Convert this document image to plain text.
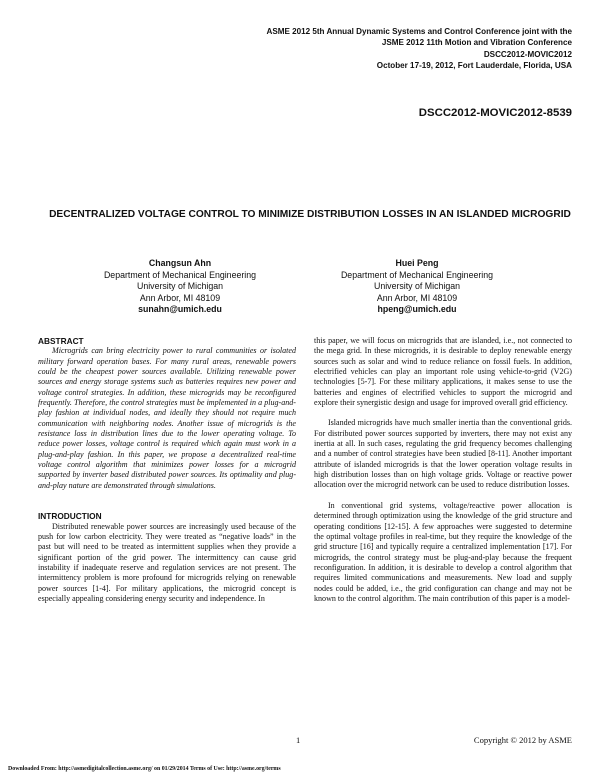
ASME 2012 5th Annual Dynamic Systems and Control Conference joint with the
JSME 2012 11th Motion and Vibration Conference
DSCC2012-MOVIC2012
October 17-19, 2012, Fort Lauderdale, Florida, USA
DSCC2012-MOVIC2012-8539
DECENTRALIZED VOLTAGE CONTROL TO MINIMIZE DISTRIBUTION LOSSES IN AN ISLANDED MICROGRID
Changsun Ahn
Department of Mechanical Engineering
University of Michigan
Ann Arbor, MI 48109
sunahn@umich.edu
Huei Peng
Department of Mechanical Engineering
University of Michigan
Ann Arbor, MI 48109
hpeng@umich.edu
ABSTRACT

Microgrids can bring electricity power to rural communities or isolated military forward operation bases. For many rural areas, renewable powers could be the cheapest power sources available. Utilizing renewable power sources and energy storage systems such as batteries requires new power and voltage control strategies. In addition, these microgrids may be reconfigured frequently. Therefore, the control strategies must be implemented in a plug-and-play fashion at individual nodes, and ideally they should not require much communication with neighboring nodes. Another issue of microgrids is the resistance loss in distribution lines due to the lower operating voltage. To reduce power losses, voltage control is required which again must work in a plug-and-play fashion. In this paper, we propose a decentralized real-time voltage control algorithm that minimizes power losses for a microgrid supported by inverter based distributed power sources. Its optimality and plug-and-play nature are demonstrated through simulations.

INTRODUCTION

Distributed renewable power sources are increasingly used because of the push for low carbon electricity. They were treated as “negative loads” in the past but will need to be treated as intermittent supplies when they provide a significant portion of the grid power. The intermittency can cause grid instability if inadequate reserve and regulation services are not present. The intermittency problem is more profound for microgrids relying on renewable power sources [1-4]. For military applications, the microgrid concept is especially appealing considering energy security and independence. In

this paper, we will focus on microgrids that are islanded, i.e., not connected to the mega grid. In these microgrids, it is desirable to deploy renewable energy sources such as solar and wind to reduce reliance on fossil fuels. In addition, electrified vehicles can play an important role using vehicle-to-grid (V2G) technologies [5-7]. For these military applications, it makes sense to use the batteries and engines of electrified vehicles to support the microgrid and explore their synergistic design and usage for improved overall grid efficiency.

Islanded microgrids have much smaller inertia than the conventional grids. For distributed power sources supported by inverters, there may not exist any inertia at all. In such cases, regulating the grid frequency becomes challenging and a number of control strategies have been studied [8-11]. Another important attribute of islanded microgrids is that the lower operation voltage results in high distribution losses than on high voltage grids. Voltage or reactive power allocation over the microgrid network can be used to reduce distribution losses.

In conventional grid systems, voltage/reactive power allocation is determined through optimization using the knowledge of the grid structure and operating conditions [12-15]. A few approaches were suggested to determine the optimal voltage profiles in real-time, but they require the knowledge of the grid structure [16] and typically require a centralized implementation [17]. For microgrids, the control strategy must be plug-and-play because the frequent reconfiguration. In addition, it is desirable to develop a control algorithm that requires limited communications and measurements. New load and supply nodes could be added, i.e., the grid configuration can change and may not be known to the control algorithm. The main contribution of this paper is a model-

1	Copyright © 2012 by ASME
Downloaded From: http://asmedigitalcollection.asme.org/ on 01/29/2014 Terms of Use: http://asme.org/terms
